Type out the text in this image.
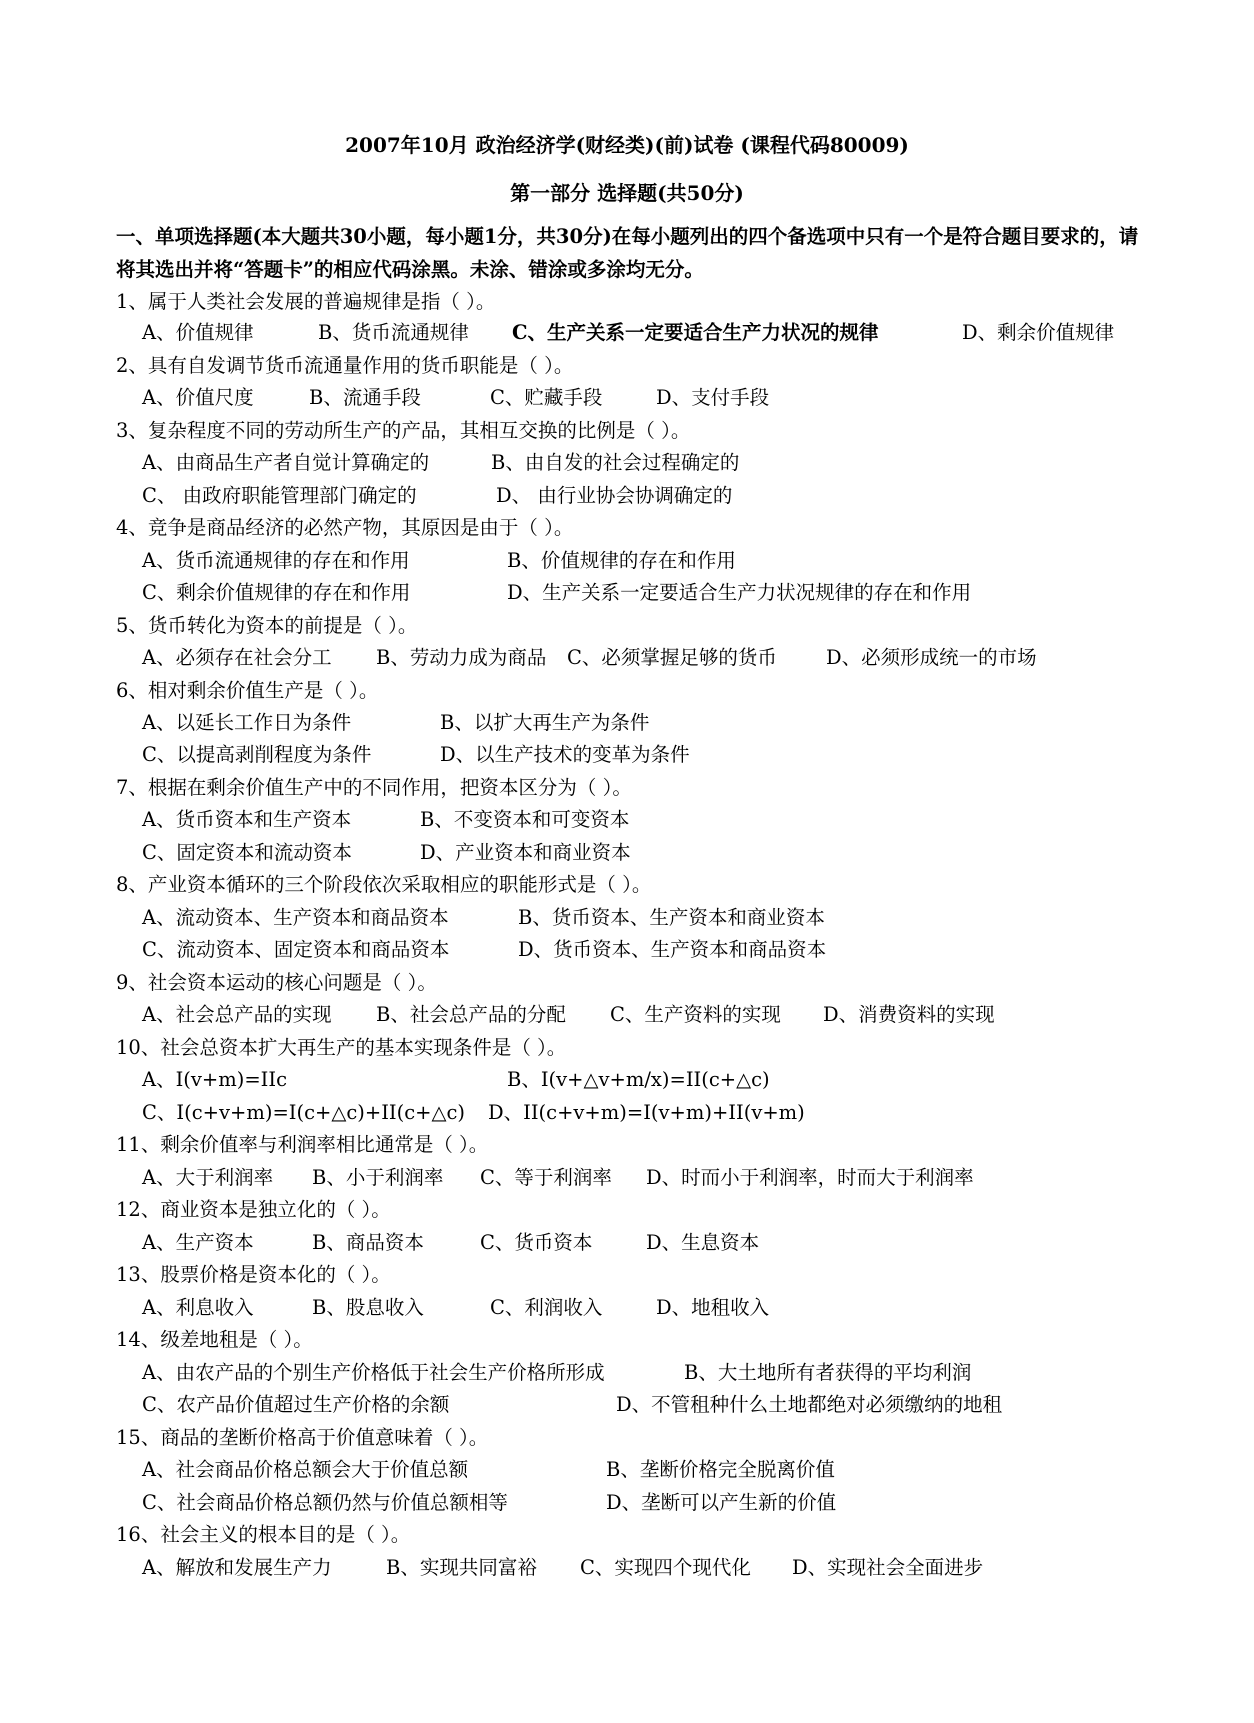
2007年10月 政治经济学(财经类)(前)试卷 (课程代码80009)
第一部分 选择题(共50分)
一、单项选择题(本大题共30小题，每小题1分，共30分)在每小题列出的四个备选项中只有一个是符合题目要求的，请将其选出并将“答题卡”的相应代码涂黑。未涂、错涂或多涂均无分。
1、属于人类社会发展的普遍规律是指（ ）。
A、价值规律	B、货币流通规律 C、生产关系一定要适合生产力状况的规律	D、剩余价值规律
2、具有自发调节货币流通量作用的货币职能是（ ）。
A、价值尺度	B、流通手段	C、贮藏手段	D、支付手段
3、复杂程度不同的劳动所生产的产品，其相互交换的比例是（ ）。
A、由商品生产者自觉计算确定的	B、由自发的社会过程确定的
C、 由政府职能管理部门确定的	D、 由行业协会协调确定的
4、竞争是商品经济的必然产物，其原因是由于（ ）。
A、货币流通规律的存在和作用	B、价值规律的存在和作用
C、剩余价值规律的存在和作用	D、生产关系一定要适合生产力状况规律的存在和作用
5、货币转化为资本的前提是（ ）。
A、必须存在社会分工 B、劳动力成为商品 C、必须掌握足够的货币	D、必须形成统一的市场
6、相对剩余价值生产是（ ）。
A、以延长工作日为条件	B、以扩大再生产为条件
C、以提高剥削程度为条件	D、以生产技术的变革为条件
7、根据在剩余价值生产中的不同作用，把资本区分为（ ）。
A、货币资本和生产资本	B、不变资本和可变资本
C、固定资本和流动资本	D、产业资本和商业资本
8、产业资本循环的三个阶段依次采取相应的职能形式是（ ）。
A、流动资本、生产资本和商品资本	B、货币资本、生产资本和商业资本
C、流动资本、固定资本和商品资本	D、货币资本、生产资本和商品资本
9、社会资本运动的核心问题是（ ）。
A、社会总产品的实现 B、社会总产品的分配 C、生产资料的实现 D、消费资料的实现
10、社会总资本扩大再生产的基本实现条件是（ ）。
A、I(v+m)=IIc	B、I(v+△v+m/x)=II(c+△c)
C、I(c+v+m)=I(c+△c)+II(c+△c) D、II(c+v+m)=I(v+m)+II(v+m)
11、剩余价值率与利润率相比通常是（ ）。
A、大于利润率 B、小于利润率 C、等于利润率 D、时而小于利润率，时而大于利润率
12、商业资本是独立化的（ ）。
A、生产资本	B、商品资本	C、货币资本	D、生息资本
13、股票价格是资本化的（ ）。
A、利息收入	B、股息收入	C、利润收入	D、地租收入
14、级差地租是（ ）。
A、由农产品的个别生产价格低于社会生产价格所形成	B、大土地所有者获得的平均利润
C、农产品价值超过生产价格的余额	D、不管租种什么土地都绝对必须缴纳的地租
15、商品的垄断价格高于价值意味着（ ）。
A、社会商品价格总额会大于价值总额	B、垄断价格完全脱离价值
C、社会商品价格总额仍然与价值总额相等	D、垄断可以产生新的价值
16、社会主义的根本目的是（ ）。
A、解放和发展生产力	B、实现共同富裕 C、实现四个现代化 D、实现社会全面进步
